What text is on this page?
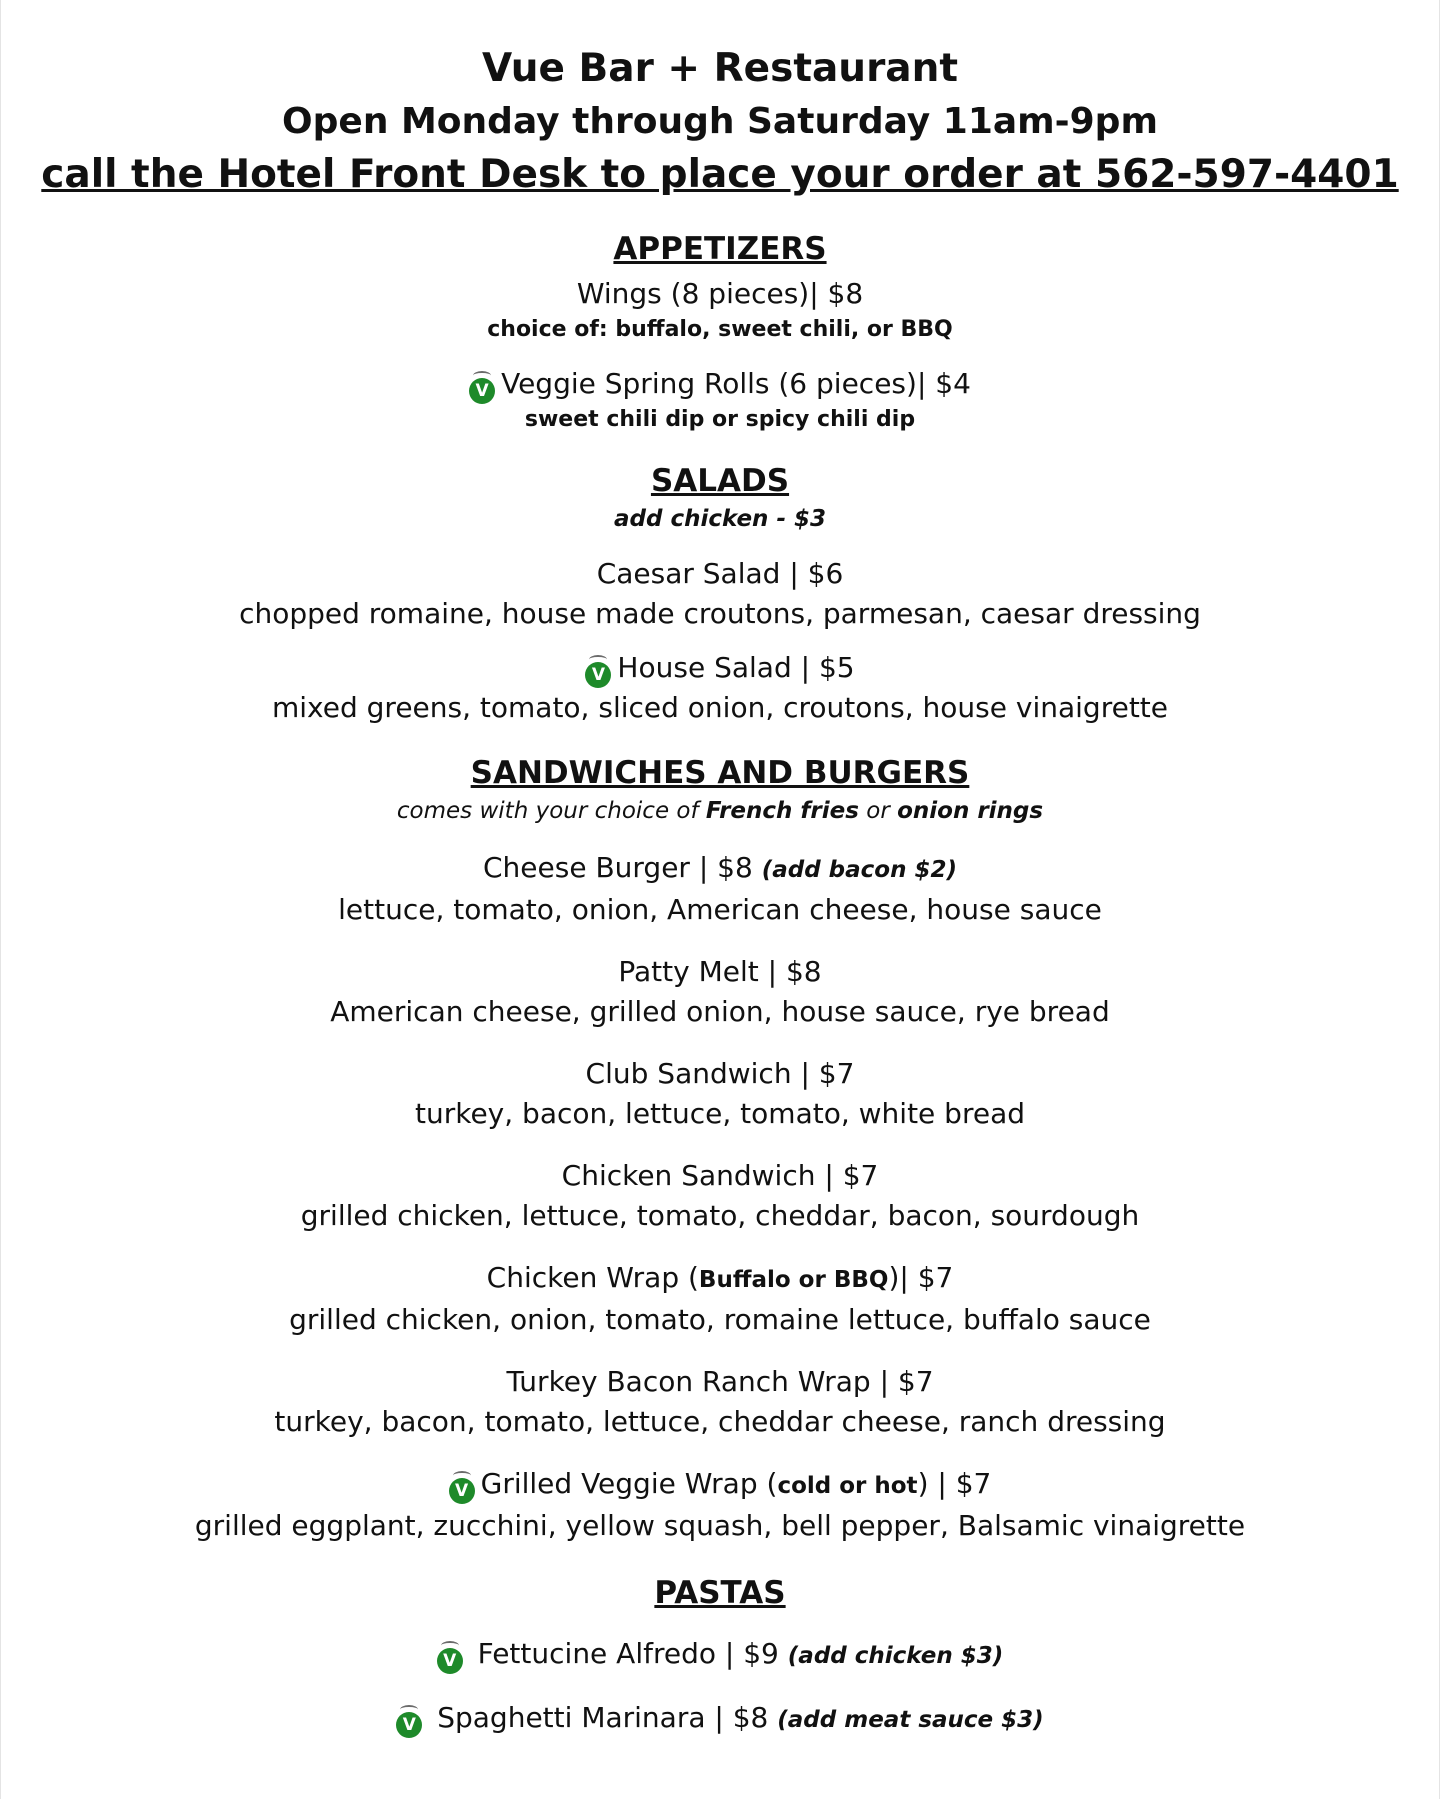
Vue Bar + Restaurant
Open Monday through Saturday 11am-9pm
call the Hotel Front Desk to place your order at 562-597-4401
APPETIZERS
Wings (8 pieces)| $8
choice of: buffalo, sweet chili, or BBQ
V Veggie Spring Rolls (6 pieces)| $4
sweet chili dip or spicy chili dip
SALADS
add chicken - $3
Caesar Salad | $6
chopped romaine, house made croutons, parmesan, caesar dressing
V House Salad | $5
mixed greens, tomato, sliced onion, croutons, house vinaigrette
SANDWICHES AND BURGERS
comes with your choice of French fries or onion rings
Cheese Burger | $8 (add bacon $2)
lettuce, tomato, onion, American cheese, house sauce
Patty Melt | $8
American cheese, grilled onion, house sauce, rye bread
Club Sandwich | $7
turkey, bacon, lettuce, tomato, white bread
Chicken Sandwich | $7
grilled chicken, lettuce, tomato, cheddar, bacon, sourdough
Chicken Wrap (Buffalo or BBQ)| $7
grilled chicken, onion, tomato, romaine lettuce, buffalo sauce
Turkey Bacon Ranch Wrap | $7
turkey, bacon, tomato, lettuce, cheddar cheese, ranch dressing
V Grilled Veggie Wrap (cold or hot) | $7
grilled eggplant, zucchini, yellow squash, bell pepper, Balsamic vinaigrette
PASTAS
V Fettucine Alfredo | $9 (add chicken $3)
V Spaghetti Marinara | $8 (add meat sauce $3)
